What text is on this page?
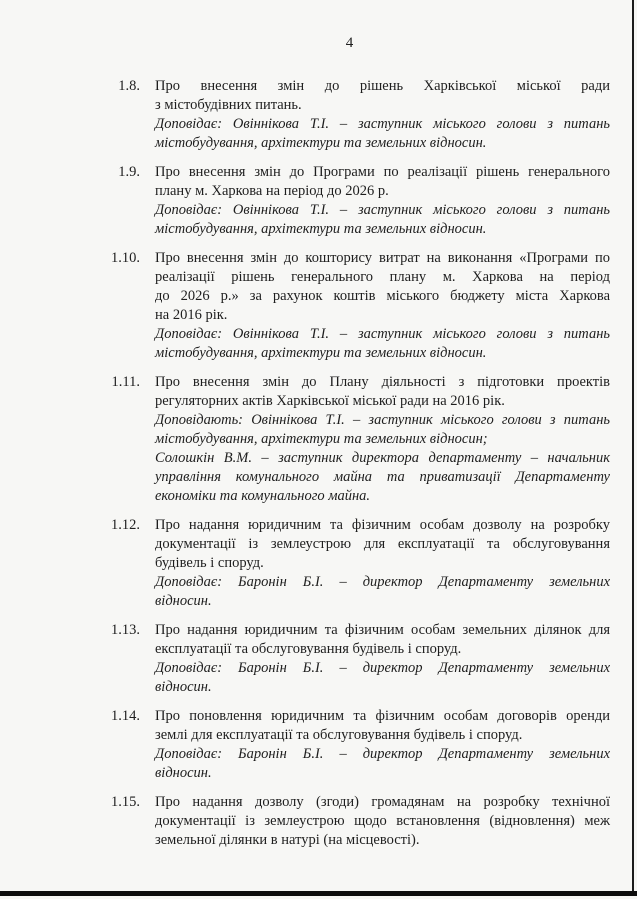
4
1.8. Про внесення змін до рішень Харківської міської ради
з містобудівних питань.
Доповідає: Овіннікова Т.І. – заступник міського голови з питань
містобудування, архітектури та земельних відносин.
1.9. Про внесення змін до Програми по реалізації рішень генерального
плану м. Харкова на період до 2026 р.
Доповідає: Овіннікова Т.І. – заступник міського голови з питань
містобудування, архітектури та земельних відносин.
1.10. Про внесення змін до кошторису витрат на виконання «Програми по
реалізації рішень генерального плану м. Харкова на період
до 2026 р.» за рахунок коштів міського бюджету міста Харкова
на 2016 рік.
Доповідає: Овіннікова Т.І. – заступник міського голови з питань
містобудування, архітектури та земельних відносин.
1.11. Про внесення змін до Плану діяльності з підготовки проектів
регуляторних актів Харківської міської ради на 2016 рік.
Доповідають: Овіннікова Т.І. – заступник міського голови з питань
містобудування, архітектури та земельних відносин;
Солошкін В.М. – заступник директора департаменту – начальник
управління комунального майна та приватизації Департаменту
економіки та комунального майна.
1.12. Про надання юридичним та фізичним особам дозволу на розробку
документації із землеустрою для експлуатації та обслуговування
будівель і споруд.
Доповідає: Баронін Б.І. – директор Департаменту земельних
відносин.
1.13. Про надання юридичним та фізичним особам земельних ділянок для
експлуатації та обслуговування будівель і споруд.
Доповідає: Баронін Б.І. – директор Департаменту земельних
відносин.
1.14. Про поновлення юридичним та фізичним особам договорів оренди
землі для експлуатації та обслуговування будівель і споруд.
Доповідає: Баронін Б.І. – директор Департаменту земельних
відносин.
1.15. Про надання дозволу (згоди) громадянам на розробку технічної
документації із землеустрою щодо встановлення (відновлення) меж
земельної ділянки в натурі (на місцевості).
